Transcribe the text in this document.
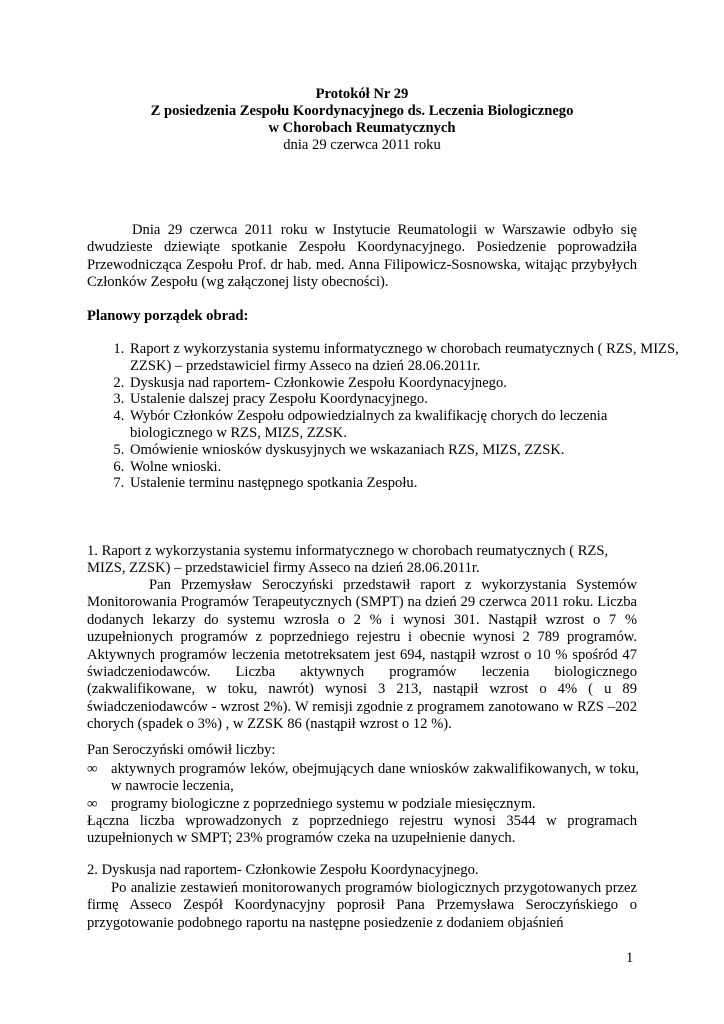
Protokół Nr 29
Z posiedzenia Zespołu Koordynacyjnego ds. Leczenia Biologicznego
w Chorobach Reumatycznych
dnia 29 czerwca 2011 roku

Dnia 29 czerwca 2011 roku w Instytucie Reumatologii w Warszawie odbyło się dwudzieste dziewiąte spotkanie Zespołu Koordynacyjnego. Posiedzenie poprowadziła Przewodnicząca Zespołu Prof. dr hab. med. Anna Filipowicz-Sosnowska, witając przybyłych Członków Zespołu (wg załączonej listy obecności).

Planowy porządek obrad:
1. Raport z wykorzystania systemu informatycznego w chorobach reumatycznych ( RZS, MIZS, ZZSK) – przedstawiciel firmy Asseco na dzień 28.06.2011r.
2. Dyskusja nad raportem- Członkowie Zespołu Koordynacyjnego.
3. Ustalenie dalszej pracy Zespołu Koordynacyjnego.
4. Wybór Członków Zespołu odpowiedzialnych za kwalifikację chorych do leczenia biologicznego w RZS, MIZS, ZZSK.
5. Omówienie wniosków dyskusyjnych we wskazaniach RZS, MIZS, ZZSK.
6. Wolne wnioski.
7. Ustalenie terminu następnego spotkania Zespołu.

1. Raport z wykorzystania systemu informatycznego w chorobach reumatycznych ( RZS, MIZS, ZZSK) – przedstawiciel firmy Asseco na dzień 28.06.2011r.

Pan Przemysław Seroczyński przedstawił raport z wykorzystania Systemów Monitorowania Programów Terapeutycznych (SMPT) na dzień 29 czerwca 2011 roku. Liczba dodanych lekarzy do systemu wzrosła o 2 % i wynosi 301. Nastąpił wzrost o 7 % uzupełnionych programów z poprzedniego rejestru i obecnie wynosi 2 789 programów. Aktywnych programów leczenia metotreksatem jest 694, nastąpił wzrost o 10 % spośród 47 świadczeniodawców. Liczba aktywnych programów leczenia biologicznego (zakwalifikowane, w toku, nawrót) wynosi 3 213, nastąpił wzrost o 4% ( u 89 świadczeniodawców - wzrost 2%). W remisji zgodnie z programem zanotowano w RZS –202 chorych (spadek o 3%) , w ZZSK 86 (nastąpił wzrost o 12 %).

Pan Seroczyński omówił liczby:

∞ aktywnych programów leków, obejmujących dane wniosków zakwalifikowanych, w toku, w nawrocie leczenia,
∞ programy biologiczne z poprzedniego systemu w podziale miesięcznym.

Łączna liczba wprowadzonych z poprzedniego rejestru wynosi 3544 w programach uzupełnionych w SMPT; 23% programów czeka na uzupełnienie danych.

2. Dyskusja nad raportem- Członkowie Zespołu Koordynacyjnego.

Po analizie zestawień monitorowanych programów biologicznych przygotowanych przez firmę Asseco Zespół Koordynacyjny poprosił Pana Przemysława Seroczyńskiego o przygotowanie podobnego raportu na następne posiedzenie z dodaniem objaśnień

1
